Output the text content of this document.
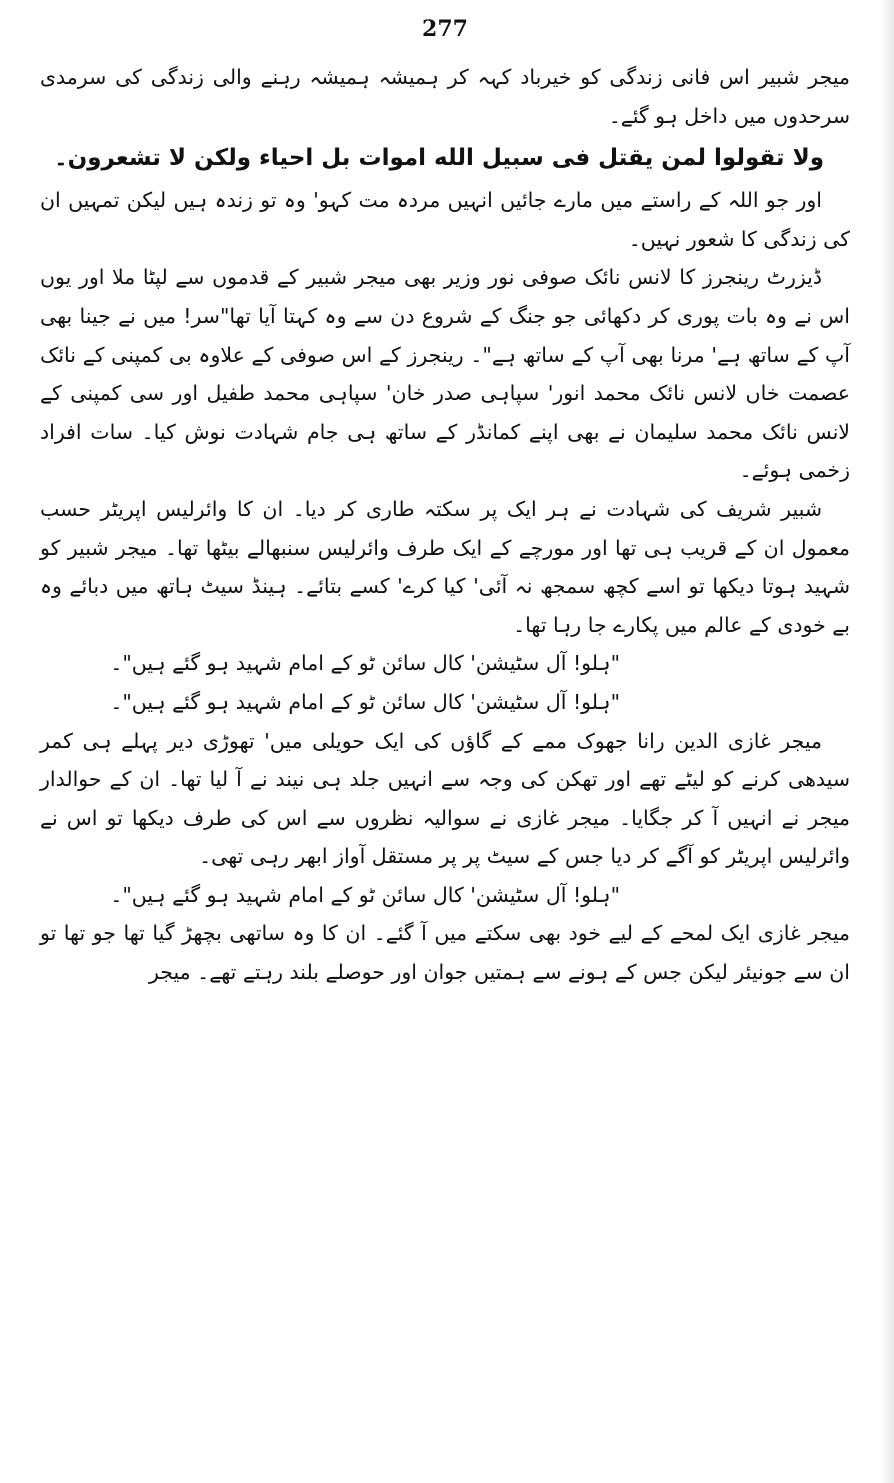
277

میجر شبیر اس فانی زندگی کو خیرباد کہہ کر ہمیشہ ہمیشہ رہنے والی زندگی کی سرمدی سرحدوں میں داخل ہو گئے۔

ولا تقولوا لمن یقتل فی سبیل الله اموات بل احیاء ولکن لا تشعرون۔

اور جو اللہ کے راستے میں مارے جائیں انہیں مردہ مت کہو' وہ تو زندہ ہیں لیکن تمہیں ان کی زندگی کا شعور نہیں۔

ڈیزرٹ رینجرز کا لانس نائک صوفی نور وزیر بھی میجر شبیر کے قدموں سے لپٹا ملا اور یوں اس نے وہ بات پوری کر دکھائی جو جنگ کے شروع دن سے وہ کہتا آیا تھا"سر! میں نے جینا بھی آپ کے ساتھ ہے' مرنا بھی آپ کے ساتھ ہے"۔ رینجرز کے اس صوفی کے علاوہ بی کمپنی کے نائک عصمت خاں لانس نائک محمد انور' سپاہی صدر خان' سپاہی محمد طفیل اور سی کمپنی کے لانس نائک محمد سلیمان نے بھی اپنے کمانڈر کے ساتھ ہی جام شہادت نوش کیا۔ سات افراد زخمی ہوئے۔

شبیر شریف کی شہادت نے ہر ایک پر سکتہ طاری کر دیا۔ ان کا وائرلیس اپریٹر حسب معمول ان کے قریب ہی تھا اور مورچے کے ایک طرف وائرلیس سنبھالے بیٹھا تھا۔ میجر شبیر کو شہید ہوتا دیکھا تو اسے کچھ سمجھ نہ آئی' کیا کرے' کسے بتائے۔ ہینڈ سیٹ ہاتھ میں دبائے وہ بے خودی کے عالم میں پکارے جا رہا تھا۔

"ہلو! آل سٹیشن' کال سائن ٹو کے امام شہید ہو گئے ہیں"۔

"ہلو! آل سٹیشن' کال سائن ٹو کے امام شہید ہو گئے ہیں"۔

میجر غازی الدین رانا جھوک ممے کے گاؤں کی ایک حویلی میں' تھوڑی دیر پہلے ہی کمر سیدھی کرنے کو لیٹے تھے اور تھکن کی وجہ سے انہیں جلد ہی نیند نے آ لیا تھا۔ ان کے حوالدار میجر نے انہیں آ کر جگایا۔ میجر غازی نے سوالیہ نظروں سے اس کی طرف دیکھا تو اس نے وائرلیس اپریٹر کو آگے کر دیا جس کے سیٹ پر پر مستقل آواز ابھر رہی تھی۔

"ہلو! آل سٹیشن' کال سائن ٹو کے امام شہید ہو گئے ہیں"۔

میجر غازی ایک لمحے کے لیے خود بھی سکتے میں آ گئے۔ ان کا وہ ساتھی بچھڑ گیا تھا جو تھا تو ان سے جونیئر لیکن جس کے ہونے سے ہمتیں جوان اور حوصلے بلند رہتے تھے۔ میجر
